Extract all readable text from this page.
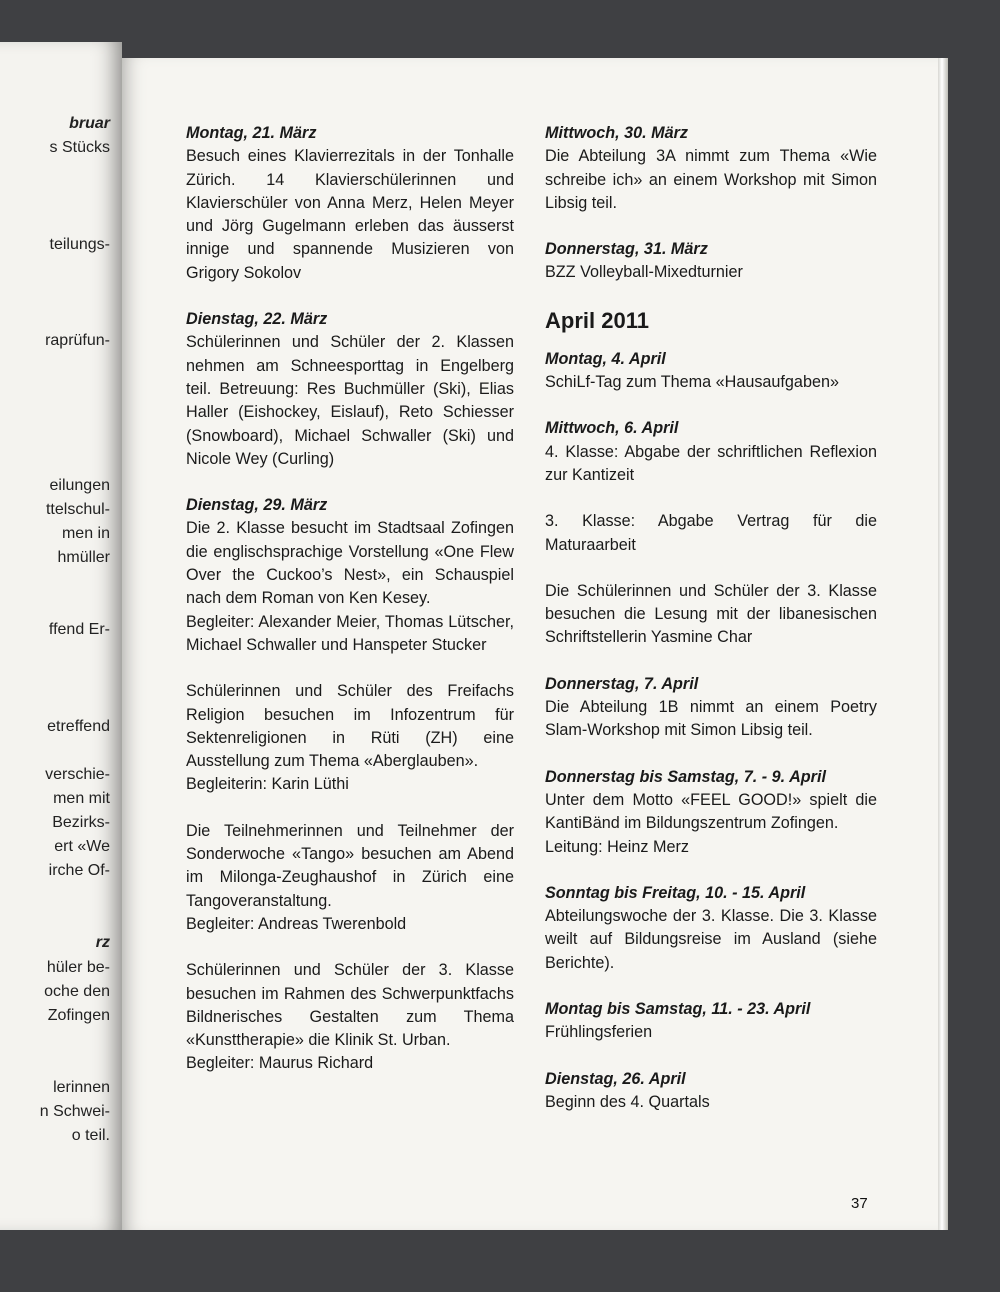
bruar
s Stücks
teilungs-
raprüfun-
eilungen
ttelschul-
men in
hmüller
ffend Er-
etreffend
verschie-
men mit
Bezirks-
ert «We
irche Of-
rz
hüler be-
oche den
Zofingen
lerinnen
n Schwei-
o teil.
Montag, 21. März

Besuch eines Klavierrezitals in der Tonhalle Zürich. 14 Klavierschülerinnen und Klavierschüler von Anna Merz, Helen Meyer und Jörg Gugelmann erleben das äusserst innige und spannende Musizieren von Grigory Sokolov

Dienstag, 22. März

Schülerinnen und Schüler der 2. Klassen nehmen am Schneesporttag in Engelberg teil. Betreuung: Res Buchmüller (Ski), Elias Haller (Eishockey, Eislauf), Reto Schiesser (Snowboard), Michael Schwaller (Ski) und Nicole Wey (Curling)

Dienstag, 29. März

Die 2. Klasse besucht im Stadtsaal Zofingen die englischsprachige Vorstellung «One Flew Over the Cuckoo’s Nest», ein Schauspiel nach dem Roman von Ken Kesey.

Begleiter: Alexander Meier, Thomas Lütscher, Michael Schwaller und Hanspeter Stucker

Schülerinnen und Schüler des Freifachs Religion besuchen im Infozentrum für Sektenreligionen in Rüti (ZH) eine Ausstellung zum Thema «Aberglauben».

Begleiterin: Karin Lüthi

Die Teilnehmerinnen und Teilnehmer der Sonderwoche «Tango» besuchen am Abend im Milonga-Zeughaushof in Zürich eine Tangoveranstaltung.

Begleiter: Andreas Twerenbold

Schülerinnen und Schüler der 3. Klasse besuchen im Rahmen des Schwerpunktfachs Bildnerisches Gestalten zum Thema «Kunsttherapie» die Klinik St. Urban.

Begleiter: Maurus Richard

Mittwoch, 30. März

Die Abteilung 3A nimmt zum Thema «Wie schreibe ich» an einem Workshop mit Simon Libsig teil.

Donnerstag, 31. März

BZZ Volleyball-Mixedturnier

April 2011
Montag, 4. April

SchiLf-Tag zum Thema «Hausaufgaben»

Mittwoch, 6. April

4. Klasse: Abgabe der schriftlichen Reflexion zur Kantizeit

3. Klasse: Abgabe Vertrag für die Maturaarbeit

Die Schülerinnen und Schüler der 3. Klasse besuchen die Lesung mit der libanesischen Schriftstellerin Yasmine Char

Donnerstag, 7. April

Die Abteilung 1B nimmt an einem Poetry Slam-Workshop mit Simon Libsig teil.

Donnerstag bis Samstag, 7. - 9. April

Unter dem Motto «FEEL GOOD!» spielt die KantiBänd im Bildungszentrum Zofingen.

Leitung: Heinz Merz

Sonntag bis Freitag, 10. - 15. April

Abteilungswoche der 3. Klasse. Die 3. Klasse weilt auf Bildungsreise im Ausland (siehe Berichte).

Montag bis Samstag, 11. - 23. April

Frühlingsferien

Dienstag, 26. April

Beginn des 4. Quartals

37
